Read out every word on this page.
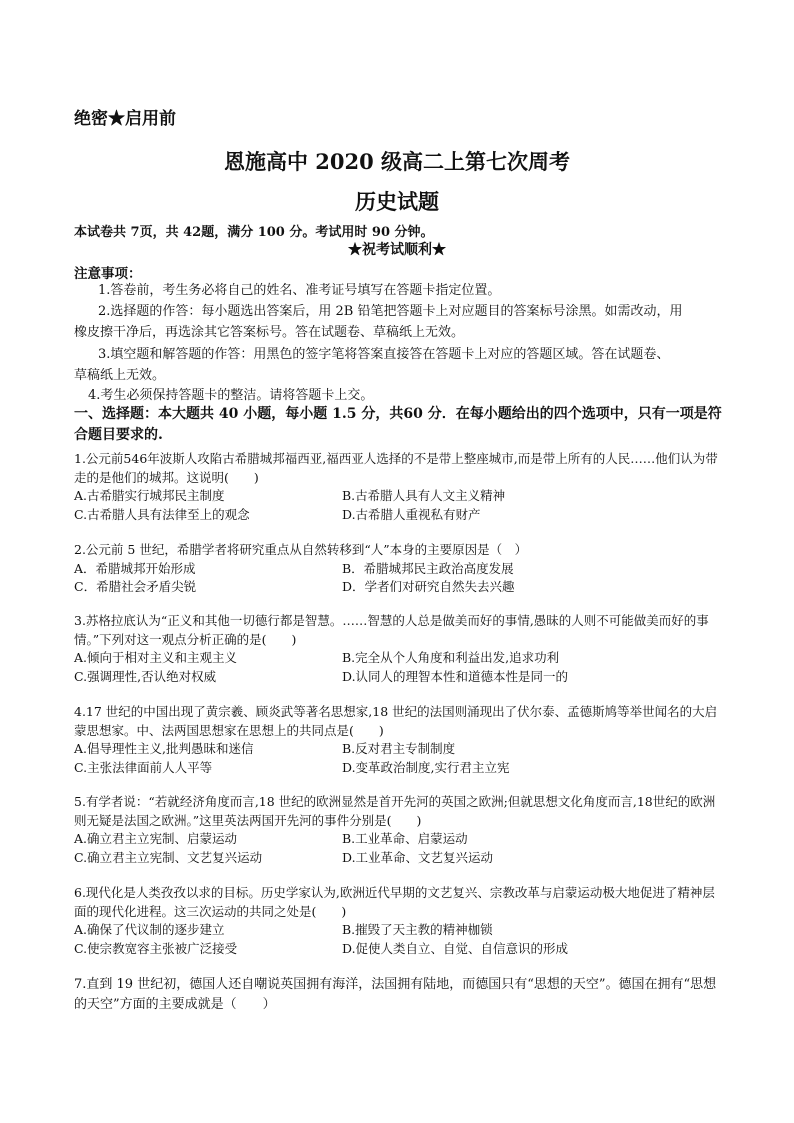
绝密★启用前
恩施高中 2020 级高二上第七次周考
历史试题
本试卷共 7页，共 42题，满分 100 分。考试用时 90 分钟。
★祝考试顺利★
注意事项：
1.答卷前，考生务必将自己的姓名、准考证号填写在答题卡指定位置。
2.选择题的作答：每小题选出答案后，用 2B 铅笔把答题卡上对应题目的答案标号涂黑。如需改动，用
橡皮擦干净后，再选涂其它答案标号。答在试题卷、草稿纸上无效。
3.填空题和解答题的作答：用黑色的签字笔将答案直接答在答题卡上对应的答题区域。答在试题卷、
草稿纸上无效。
4.考生必须保持答题卡的整洁。请将答题卡上交。
一、选择题：本大题共 40 小题，每小题 1.5 分，共60 分．在每小题给出的四个选项中，只有一项是符合题目要求的.
1.公元前546年波斯人攻陷古希腊城邦福西亚,福西亚人选择的不是带上整座城市,而是带上所有的人民……他们认为带走的是他们的城邦。这说明(　　)
A.古希腊实行城邦民主制度	B.古希腊人具有人文主义精神
C.古希腊人具有法律至上的观念	D.古希腊人重视私有财产
2.公元前 5 世纪，希腊学者将研究重点从自然转移到“人”本身的主要原因是（　）
A．希腊城邦开始形成	B．希腊城邦民主政治高度发展
C．希腊社会矛盾尖锐	D．学者们对研究自然失去兴趣
3.苏格拉底认为“正义和其他一切德行都是智慧。……智慧的人总是做美而好的事情,愚昧的人则不可能做美而好的事情。”下列对这一观点分析正确的是(　　)
A.倾向于相对主义和主观主义	B.完全从个人角度和利益出发,追求功利
C.强调理性,否认绝对权威	D.认同人的理智本性和道德本性是同一的
4.17 世纪的中国出现了黄宗羲、顾炎武等著名思想家,18 世纪的法国则涌现出了伏尔泰、孟德斯鸠等举世闻名的大启蒙思想家。中、法两国思想家在思想上的共同点是(　　)
A.倡导理性主义,批判愚昧和迷信	B.反对君主专制制度
C.主张法律面前人人平等	D.变革政治制度,实行君主立宪
5.有学者说：“若就经济角度而言,18 世纪的欧洲显然是首开先河的英国之欧洲;但就思想文化角度而言,18世纪的欧洲则无疑是法国之欧洲。”这里英法两国开先河的事件分别是(　　)
A.确立君主立宪制、启蒙运动	B.工业革命、启蒙运动
C.确立君主立宪制、文艺复兴运动	D.工业革命、文艺复兴运动
6.现代化是人类孜孜以求的目标。历史学家认为,欧洲近代早期的文艺复兴、宗教改革与启蒙运动极大地促进了精神层面的现代化进程。这三次运动的共同之处是(　　)
A.确保了代议制的逐步建立	B.摧毁了天主教的精神枷锁
C.使宗教宽容主张被广泛接受	D.促使人类自立、自觉、自信意识的形成
7.直到 19 世纪初，德国人还自嘲说英国拥有海洋，法国拥有陆地，而德国只有“思想的天空”。德国在拥有“思想的天空”方面的主要成就是（　　）
